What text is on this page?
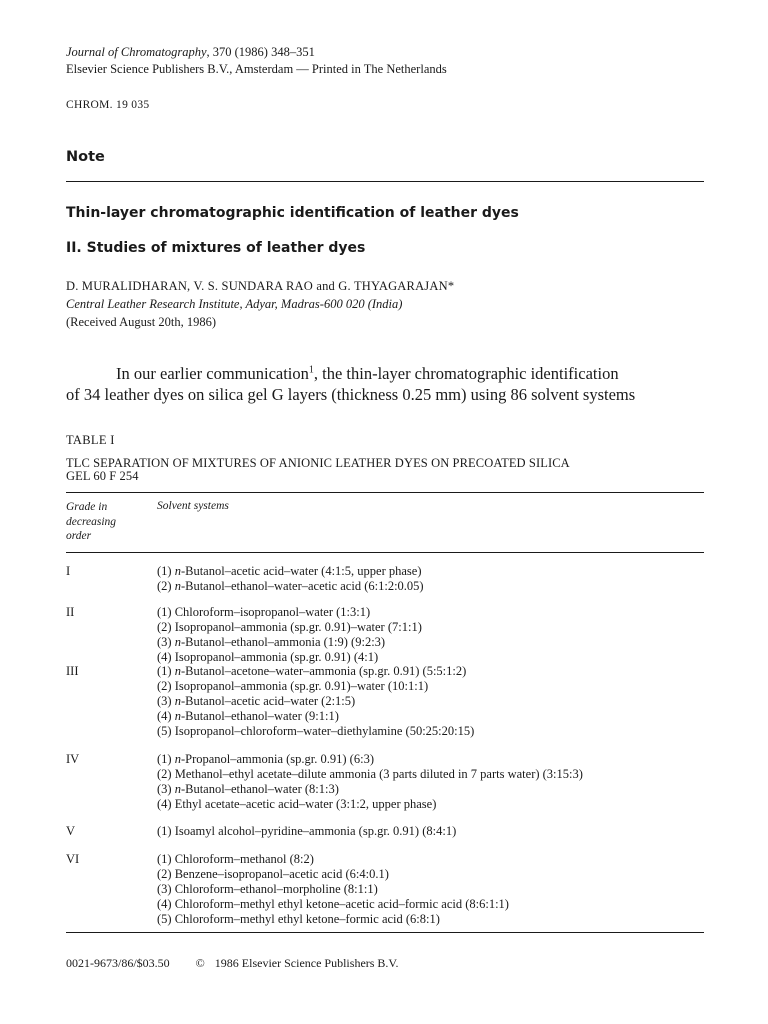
Journal of Chromatography, 370 (1986) 348–351
Elsevier Science Publishers B.V., Amsterdam — Printed in The Netherlands
CHROM. 19 035
Note
Thin-layer chromatographic identification of leather dyes
II. Studies of mixtures of leather dyes
D. MURALIDHARAN, V. S. SUNDARA RAO and G. THYAGARAJAN*
Central Leather Research Institute, Adyar, Madras-600 020 (India)
(Received August 20th, 1986)
In our earlier communication$^1$, the thin-layer chromatographic identification
of 34 leather dyes on silica gel G layers (thickness 0.25 mm) using 86 solvent systems
TABLE I
TLC SEPARATION OF MIXTURES OF ANIONIC LEATHER DYES ON PRECOATED SILICA
GEL 60 F 254
Grade in
decreasing
order
Solvent systems
I	(1) n-Butanol–acetic acid–water (4:1:5, upper phase)
(2) n-Butanol–ethanol–water–acetic acid (6:1:2:0.05)
II	(1) Chloroform–isopropanol–water (1:3:1)
(2) Isopropanol–ammonia (sp.gr. 0.91)–water (7:1:1)
(3) n-Butanol–ethanol–ammonia (1:9) (9:2:3)
(4) Isopropanol–ammonia (sp.gr. 0.91) (4:1)
III	(1) n-Butanol–acetone–water–ammonia (sp.gr. 0.91) (5:5:1:2)
(2) Isopropanol–ammonia (sp.gr. 0.91)–water (10:1:1)
(3) n-Butanol–acetic acid–water (2:1:5)
(4) n-Butanol–ethanol–water (9:1:1)
(5) Isopropanol–chloroform–water–diethylamine (50:25:20:15)
IV	(1) n-Propanol–ammonia (sp.gr. 0.91) (6:3)
(2) Methanol–ethyl acetate–dilute ammonia (3 parts diluted in 7 parts water) (3:15:3)
(3) n-Butanol–ethanol–water (8:1:3)
(4) Ethyl acetate–acetic acid–water (3:1:2, upper phase)
V	(1) Isoamyl alcohol–pyridine–ammonia (sp.gr. 0.91) (8:4:1)
VI	(1) Chloroform–methanol (8:2)
(2) Benzene–isopropanol–acetic acid (6:4:0.1)
(3) Chloroform–ethanol–morpholine (8:1:1)
(4) Chloroform–methyl ethyl ketone–acetic acid–formic acid (8:6:1:1)
(5) Chloroform–methyl ethyl ketone–formic acid (6:8:1)
0021-9673/86/$03.50 © 1986 Elsevier Science Publishers B.V.
